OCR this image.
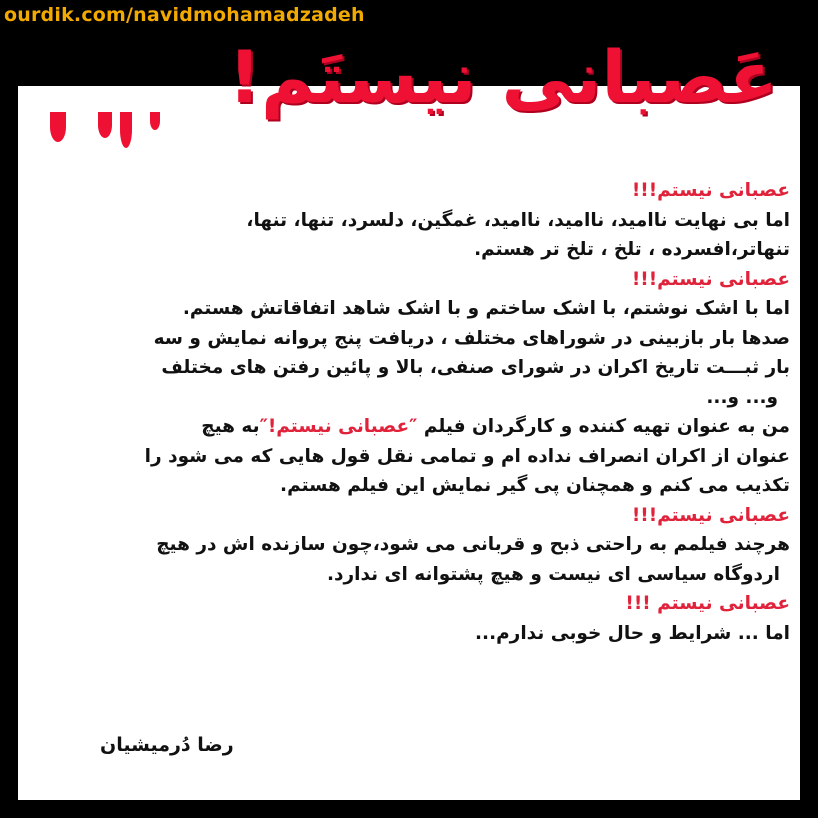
ourdik.com/navidmohamadzadeh
عَصبانی نیستَم!

عصبانی نیستم!!!

اما بی نهایت ناامید، ناامید، ناامید، غمگین، دلسرد، تنها، تنها،

تنهاتر،افسرده ، تلخ ، تلخ تر هستم.

عصبانی نیستم!!!

اما با اشک نوشتم، با اشک ساختم و با اشک شاهد اتفاقاتش هستم.

صدها بار بازبینی در شوراهای مختلف ، دریافت پنج پروانه نمایش و سه

بار ثبـــت تاریخ اکران در شورای صنفی، بالا و پائین رفتن های مختلف

و... و...

من به عنوان تهیه کننده و کارگردان فیلم ″عصبانی نیستم!″به هیچ

عنوان از اکران انصراف نداده ام و تمامی نقل قول هایی که می شود را

تکذیب می کنم و همچنان پی گیر نمایش این فیلم هستم.

عصبانی نیستم!!!

هرچند فیلمم به راحتی ذبح و قربانی می شود،چون سازنده اش در هیچ

اردوگاه سیاسی ای نیست و هیچ پشتوانه ای ندارد.

عصبانی نیستم !!!

اما ... شرایط و حال خوبی ندارم...

رضا دُرمیشیان
